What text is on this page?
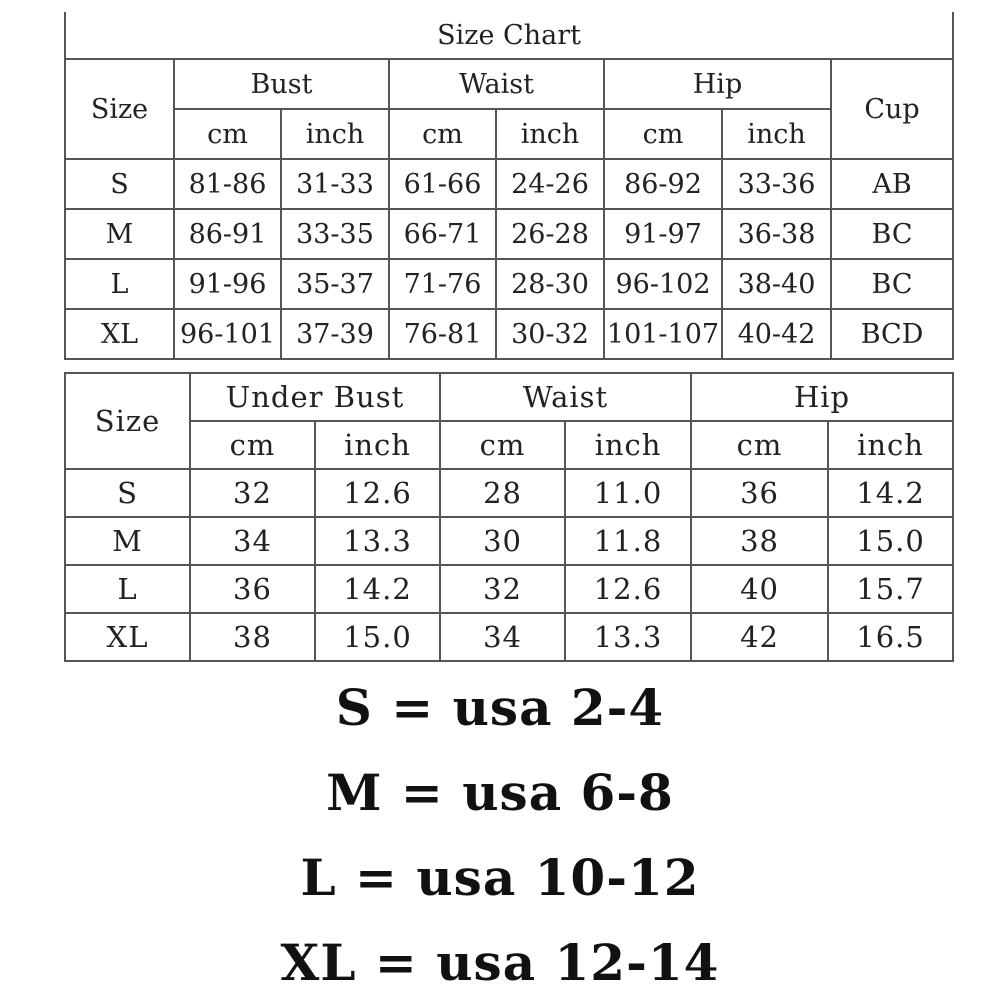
Size Chart							
Size	Bust		Waist		Hip		Cup
	cm	inch	cm	inch	cm	inch	
S	81-86	31-33	61-66	24-26	86-92	33-36	AB
M	86-91	33-35	66-71	26-28	91-97	36-38	BC
L	91-96	35-37	71-76	28-30	96-102	38-40	BC
XL	96-101	37-39	76-81	30-32	101-107	40-42	BCD
Size	Under Bust		Waist		Hip	
	cm	inch	cm	inch	cm	inch
S	32	12.6	28	11.0	36	14.2
M	34	13.3	30	11.8	38	15.0
L	36	14.2	32	12.6	40	15.7
XL	38	15.0	34	13.3	42	16.5
S = usa 2-4
M = usa 6-8
L = usa 10-12
XL = usa 12-14
